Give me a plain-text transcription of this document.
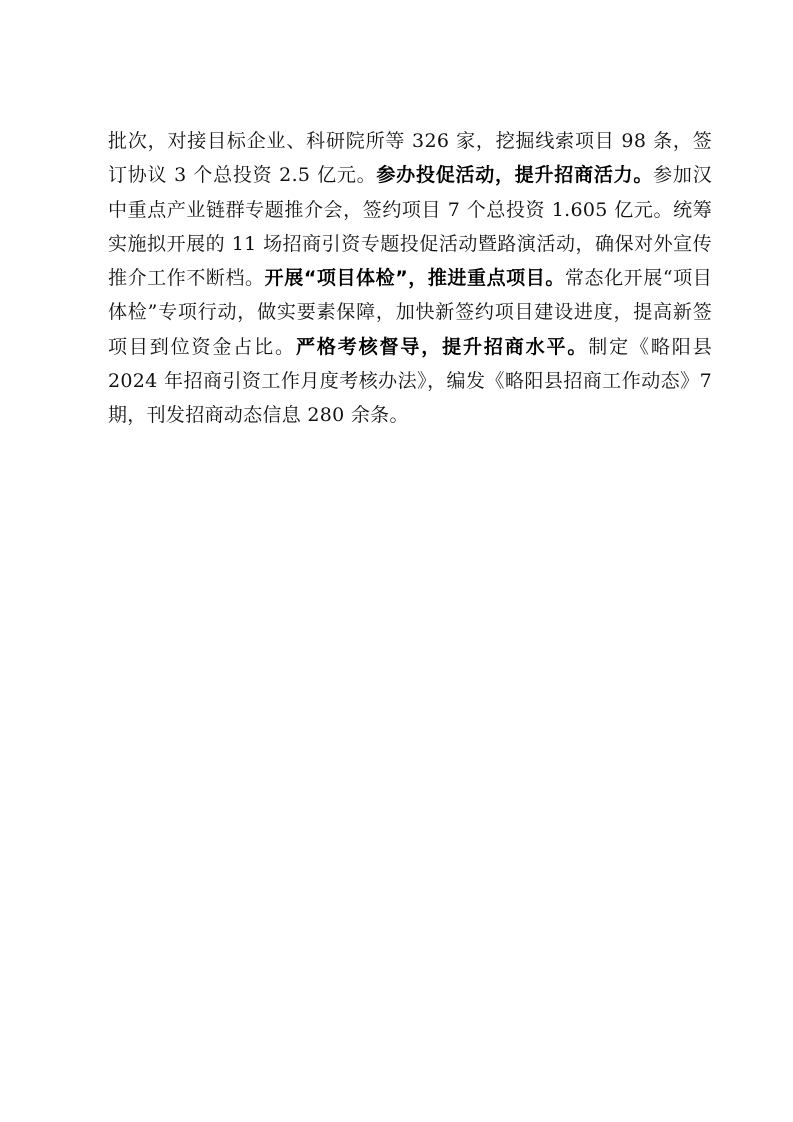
批次，对接目标企业、科研院所等 326 家，挖掘线索项目 98 条，签订协议 3 个总投资 2.5 亿元。参办投促活动，提升招商活力。参加汉中重点产业链群专题推介会，签约项目 7 个总投资 1.605 亿元。统筹实施拟开展的 11 场招商引资专题投促活动暨路演活动，确保对外宣传推介工作不断档。开展“项目体检”，推进重点项目。常态化开展“项目体检”专项行动，做实要素保障，加快新签约项目建设进度，提高新签项目到位资金占比。严格考核督导，提升招商水平。制定《略阳县 2024 年招商引资工作月度考核办法》，编发《略阳县招商工作动态》7 期，刊发招商动态信息 280 余条。
